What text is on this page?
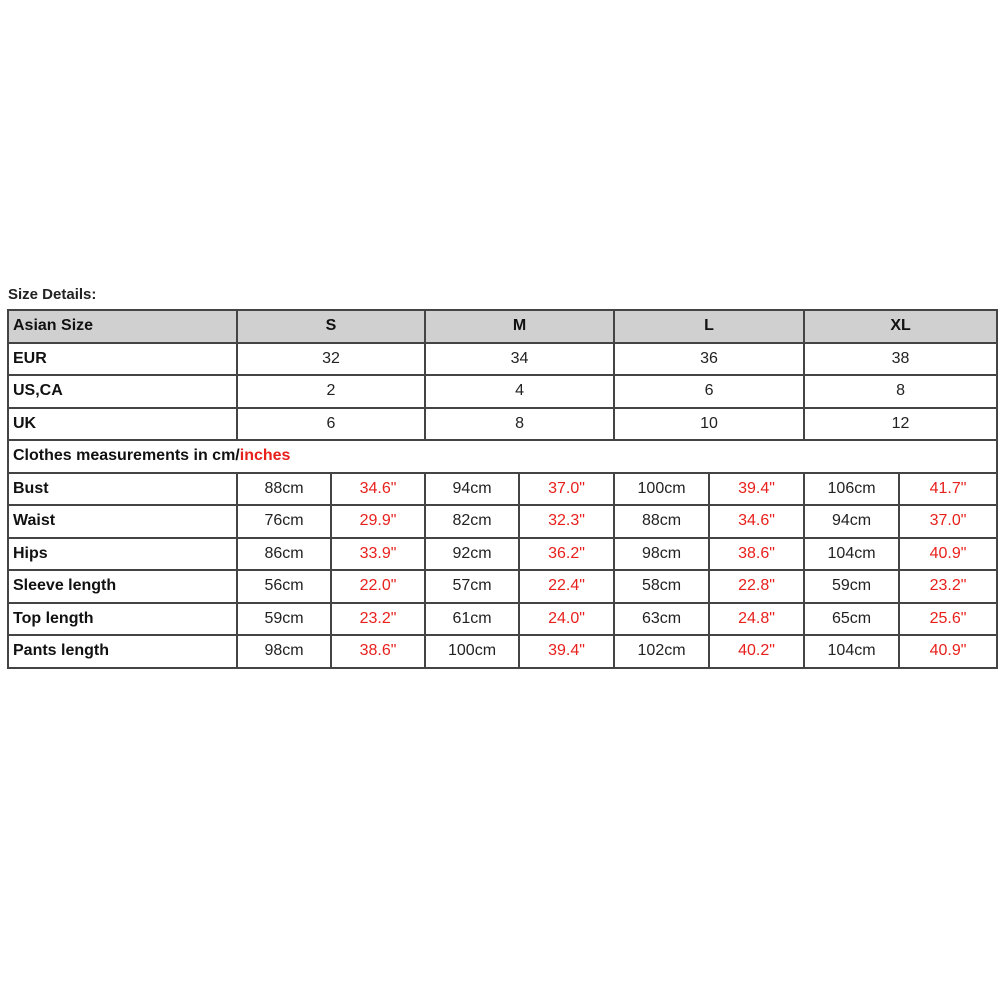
Size Details:
Asian Size	S		M		L		XL	
EUR	32		34		36		38	
US,CA	2		4		6		8	
UK	6		8		10		12	
Clothes measurements in cm/inches								
Bust	88cm	34.6"	94cm	37.0"	100cm	39.4"	106cm	41.7"
Waist	76cm	29.9"	82cm	32.3"	88cm	34.6"	94cm	37.0"
Hips	86cm	33.9"	92cm	36.2"	98cm	38.6"	104cm	40.9"
Sleeve length	56cm	22.0"	57cm	22.4"	58cm	22.8"	59cm	23.2"
Top length	59cm	23.2"	61cm	24.0"	63cm	24.8"	65cm	25.6"
Pants length	98cm	38.6"	100cm	39.4"	102cm	40.2"	104cm	40.9"
